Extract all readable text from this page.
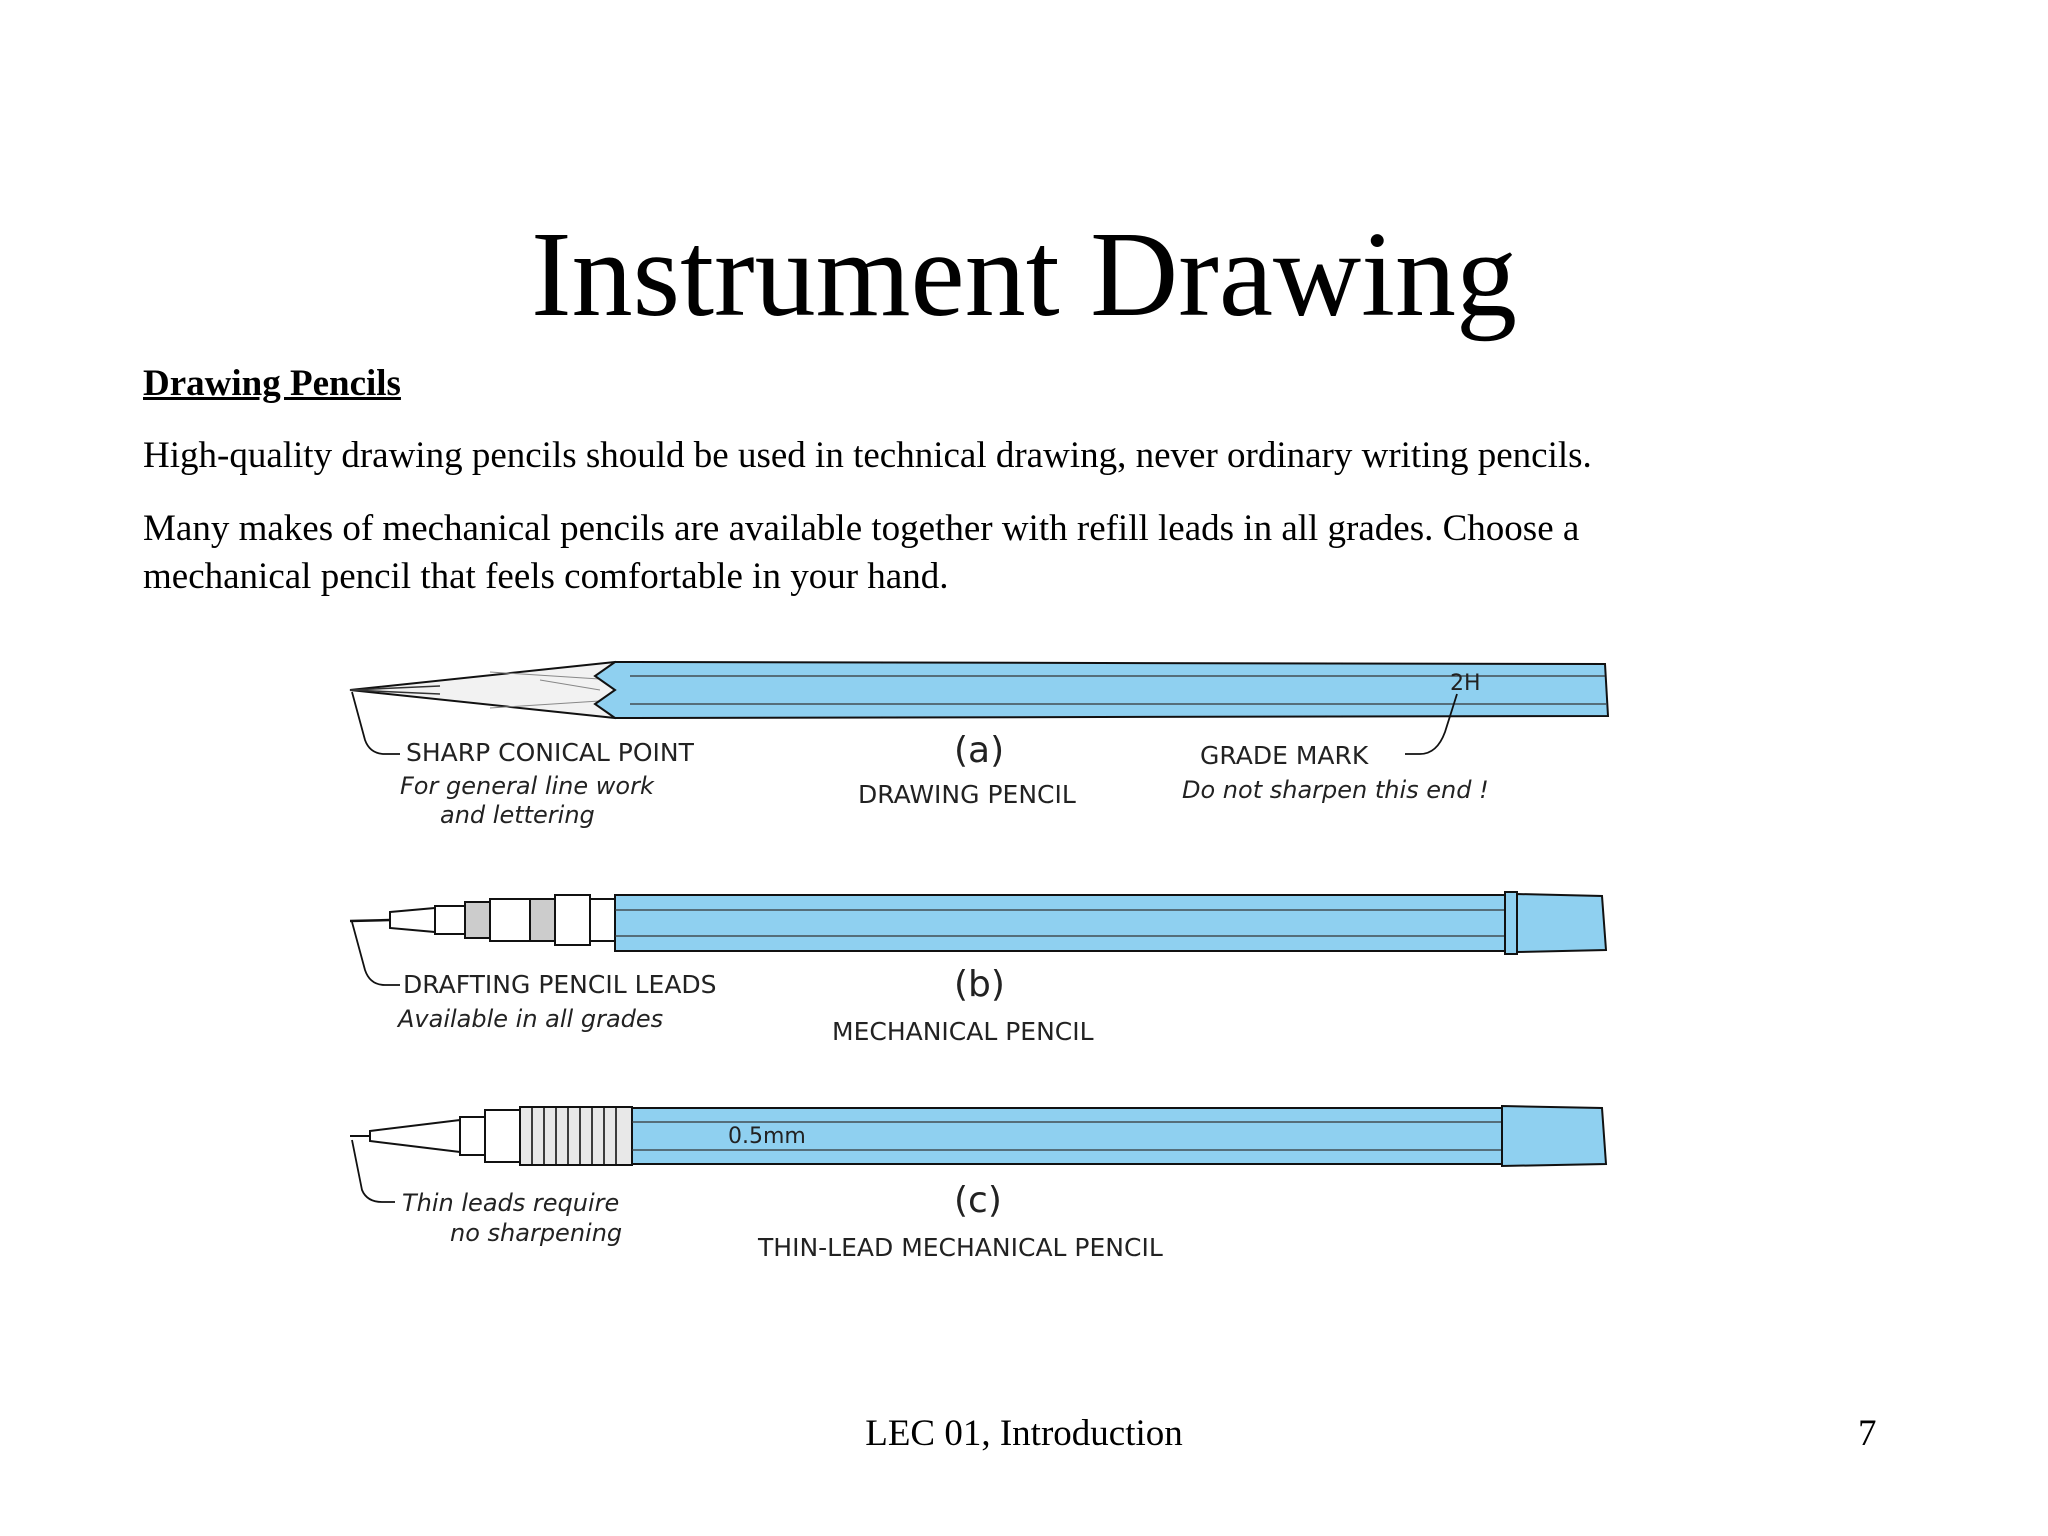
Instrument Drawing
Drawing Pencils
High-quality drawing pencils should be used in technical drawing, never ordinary writing pencils.
Many makes of mechanical pencils are available together with refill leads in all grades. Choose a
mechanical pencil that feels comfortable in your hand.
2H
SHARP CONICAL POINT
For general line work
and lettering
(a)
DRAWING PENCIL
GRADE MARK
Do not sharpen this end !
DRAFTING PENCIL LEADS
Available in all grades
(b)
MECHANICAL PENCIL
0.5mm
Thin leads require
no sharpening
(c)
THIN-LEAD MECHANICAL PENCIL
LEC 01, Introduction	7
